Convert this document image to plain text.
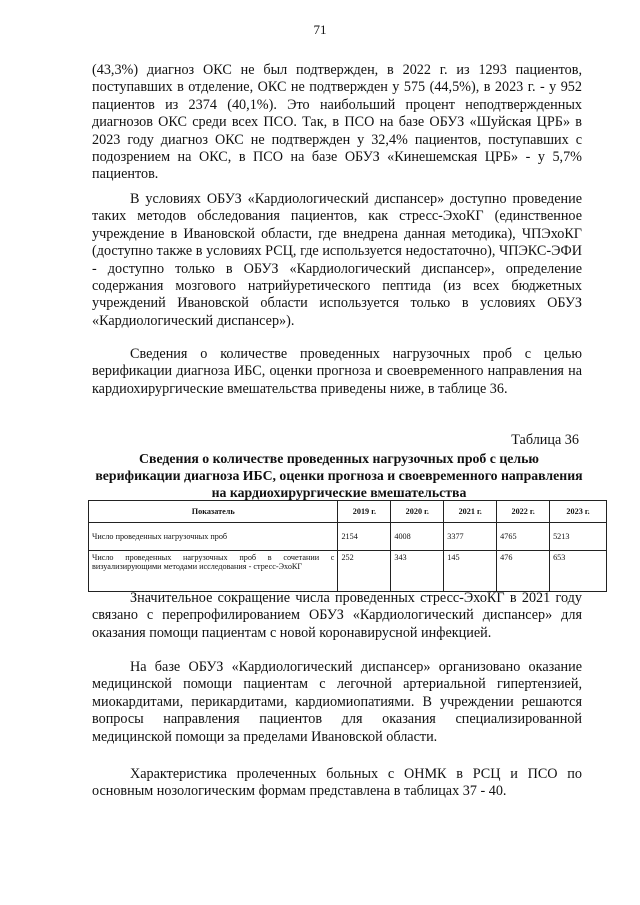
71

(43,3%) диагноз ОКС не был подтвержден, в 2022 г. из 1293 пациентов, поступавших в отделение, ОКС не подтвержден у 575 (44,5%), в 2023 г. - у 952 пациентов из 2374 (40,1%). Это наибольший процент неподтвержденных диагнозов ОКС среди всех ПСО. Так, в ПСО на базе ОБУЗ «Шуйская ЦРБ» в 2023 году диагноз ОКС не подтвержден у 32,4% пациентов, поступавших с подозрением на ОКС, в ПСО на базе ОБУЗ «Кинешемская ЦРБ» - у 5,7% пациентов.

В условиях ОБУЗ «Кардиологический диспансер» доступно проведение таких методов обследования пациентов, как стресс-ЭхоКГ (единственное учреждение в Ивановской области, где внедрена данная методика), ЧПЭхоКГ (доступно также в условиях РСЦ, где используется недостаточно), ЧПЭКС-ЭФИ - доступно только в ОБУЗ «Кардиологический диспансер», определение содержания мозгового натрийуретического пептида (из всех бюджетных учреждений Ивановской области используется только в условиях ОБУЗ «Кардиологический диспансер»).

Сведения о количестве проведенных нагрузочных проб с целью верификации диагноза ИБС, оценки прогноза и своевременного направления на кардиохирургические вмешательства приведены ниже, в таблице 36.

Таблица 36
Сведения о количестве проведенных нагрузочных проб с целью верификации диагноза ИБС, оценки прогноза и своевременного направления на кардиохирургические вмешательства
Показатель	2019 г.	2020 г.	2021 г.	2022 г.	2023 г.
Число проведенных нагрузочных проб	2154	4008	3377	4765	5213
Число проведенных нагрузочных проб в сочетании с визуализирующими методами исследования - стресс-ЭхоКГ	252	343	145	476	653

Значительное сокращение числа проведенных стресс-ЭхоКГ в 2021 году связано с перепрофилированием ОБУЗ «Кардиологический диспансер» для оказания помощи пациентам с новой коронавирусной инфекцией.

На базе ОБУЗ «Кардиологический диспансер» организовано оказание медицинской помощи пациентам с легочной артериальной гипертензией, миокардитами, перикардитами, кардиомиопатиями. В учреждении решаются вопросы направления пациентов для оказания специализированной медицинской помощи за пределами Ивановской области.

Характеристика пролеченных больных с ОНМК в РСЦ и ПСО по основным нозологическим формам представлена в таблицах 37 - 40.
